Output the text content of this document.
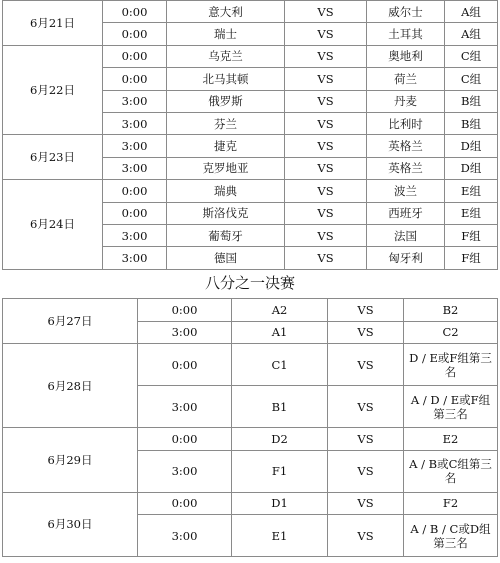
6月21日	0:00	意大利	VS	威尔士	A组
	0:00	瑞士	VS	土耳其	A组
6月22日	0:00	乌克兰	VS	奥地利	C组
	0:00	北马其顿	VS	荷兰	C组
	3:00	俄罗斯	VS	丹麦	B组
	3:00	芬兰	VS	比利时	B组
6月23日	3:00	捷克	VS	英格兰	D组
	3:00	克罗地亚	VS	英格兰	D组
6月24日	0:00	瑞典	VS	波兰	E组
	0:00	斯洛伐克	VS	西班牙	E组
	3:00	葡萄牙	VS	法国	F组
	3:00	德国	VS	匈牙利	F组
八分之一决赛
6月27日	0:00	A2	VS	B2
	3:00	A1	VS	C2
6月28日	0:00	C1	VS	D / E或F组第三名

	3:00	B1	VS	A / D / E或F组第三名

6月29日	0:00	D2	VS	E2
	3:00	F1	VS	A / B或C组第三名

6月30日	0:00	D1	VS	F2
	3:00	E1	VS	A / B / C或D组第三名
